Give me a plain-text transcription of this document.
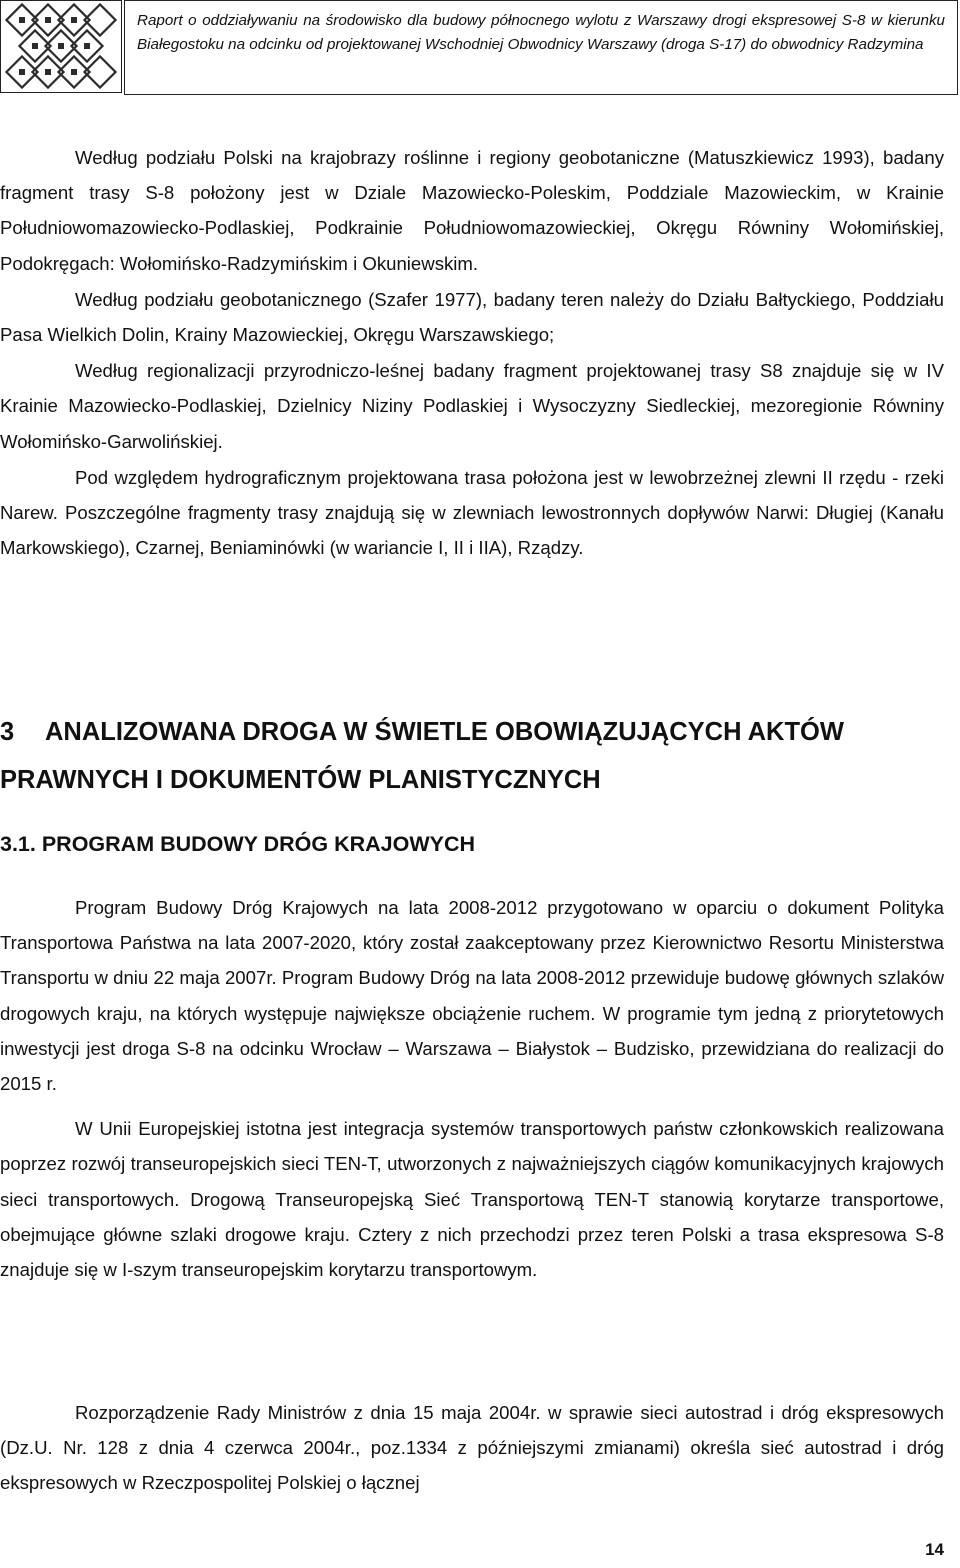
Raport o oddziaływaniu na środowisko dla budowy północnego wylotu z Warszawy drogi ekspresowej S-8 w kierunku Białegostoku na odcinku od projektowanej Wschodniej Obwodnicy Warszawy (droga S-17) do obwodnicy Radzymina

Według podziału Polski na krajobrazy roślinne i regiony geobotaniczne (Matuszkiewicz 1993), badany fragment trasy S-8 położony jest w Dziale Mazowiecko-Poleskim, Poddziale Mazowieckim, w Krainie Południowomazowiecko-Podlaskiej, Podkrainie Południowomazowieckiej, Okręgu Równiny Wołomińskiej, Podokręgach: Wołomińsko-Radzymińskim i Okuniewskim.

Według podziału geobotanicznego (Szafer 1977), badany teren należy do Działu Bałtyckiego, Poddziału Pasa Wielkich Dolin, Krainy Mazowieckiej, Okręgu Warszawskiego;

Według regionalizacji przyrodniczo-leśnej badany fragment projektowanej trasy S8 znajduje się w IV Krainie Mazowiecko-Podlaskiej, Dzielnicy Niziny Podlaskiej i Wysoczyzny Siedleckiej, mezoregionie Równiny Wołomińsko-Garwolińskiej.

Pod względem hydrograficznym projektowana trasa położona jest w lewobrzeżnej zlewni II rzędu - rzeki Narew. Poszczególne fragmenty trasy znajdują się w zlewniach lewostronnych dopływów Narwi: Długiej (Kanału Markowskiego), Czarnej, Beniaminówki (w wariancie I, II i IIA), Rządzy.

3 ANALIZOWANA DROGA W ŚWIETLE OBOWIĄZUJĄCYCH AKTÓW PRAWNYCH I DOKUMENTÓW PLANISTYCZNYCH
3.1. PROGRAM BUDOWY DRÓG KRAJOWYCH

Program Budowy Dróg Krajowych na lata 2008-2012 przygotowano w oparciu o dokument Polityka Transportowa Państwa na lata 2007-2020, który został zaakceptowany przez Kierownictwo Resortu Ministerstwa Transportu w dniu 22 maja 2007r. Program Budowy Dróg na lata 2008-2012 przewiduje budowę głównych szlaków drogowych kraju, na których występuje największe obciążenie ruchem. W programie tym jedną z priorytetowych inwestycji jest droga S-8 na odcinku Wrocław – Warszawa – Białystok – Budzisko, przewidziana do realizacji do 2015 r.

W Unii Europejskiej istotna jest integracja systemów transportowych państw członkowskich realizowana poprzez rozwój transeuropejskich sieci TEN-T, utworzonych z najważniejszych ciągów komunikacyjnych krajowych sieci transportowych. Drogową Transeuropejską Sieć Transportową TEN-T stanowią korytarze transportowe, obejmujące główne szlaki drogowe kraju. Cztery z nich przechodzi przez teren Polski a trasa ekspresowa S-8 znajduje się w I-szym transeuropejskim korytarzu transportowym.

Rozporządzenie Rady Ministrów z dnia 15 maja 2004r. w sprawie sieci autostrad i dróg ekspresowych (Dz.U. Nr. 128 z dnia 4 czerwca 2004r., poz.1334 z późniejszymi zmianami) określa sieć autostrad i dróg ekspresowych w Rzeczpospolitej Polskiej o łącznej

14
